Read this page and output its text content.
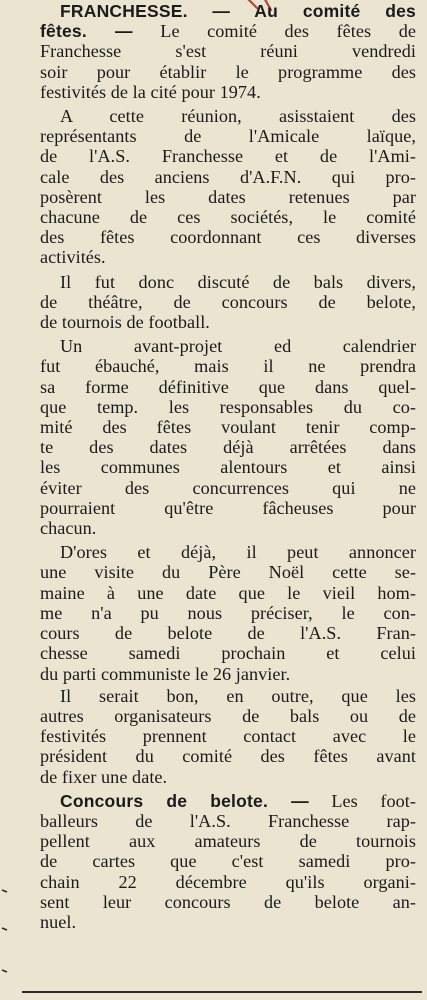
FRANCHESSE. — Au comité des
fêtes. — Le comité des fêtes de
Franchesse s'est réuni vendredi
soir pour établir le programme des
festivités de la cité pour 1974.
A cette réunion, asisstaient des
représentants de l'Amicale laïque,
de l'A.S. Franchesse et de l'Ami-
cale des anciens d'A.F.N. qui pro-
posèrent les dates retenues par
chacune de ces sociétés, le comité
des fêtes coordonnant ces diverses
activités.
Il fut donc discuté de bals divers,
de théâtre, de concours de belote,
de tournois de football.
Un avant-projet ed calendrier
fut ébauché, mais il ne prendra
sa forme définitive que dans quel-
que temp. les responsables du co-
mité des fêtes voulant tenir comp-
te des dates déjà arrêtées dans
les communes alentours et ainsi
éviter des concurrences qui ne
pourraient qu'être fâcheuses pour
chacun.
D'ores et déjà, il peut annoncer
une visite du Père Noël cette se-
maine à une date que le vieil hom-
me n'a pu nous préciser, le con-
cours de belote de l'A.S. Fran-
chesse samedi prochain et celui
du parti communiste le 26 janvier.
Il serait bon, en outre, que les
autres organisateurs de bals ou de
festivités prennent contact avec le
président du comité des fêtes avant
de fixer une date.
Concours de belote. — Les foot-
balleurs de l'A.S. Franchesse rap-
pellent aux amateurs de tournois
de cartes que c'est samedi pro-
chain 22 décembre qu'ils organi-
sent leur concours de belote an-
nuel.
